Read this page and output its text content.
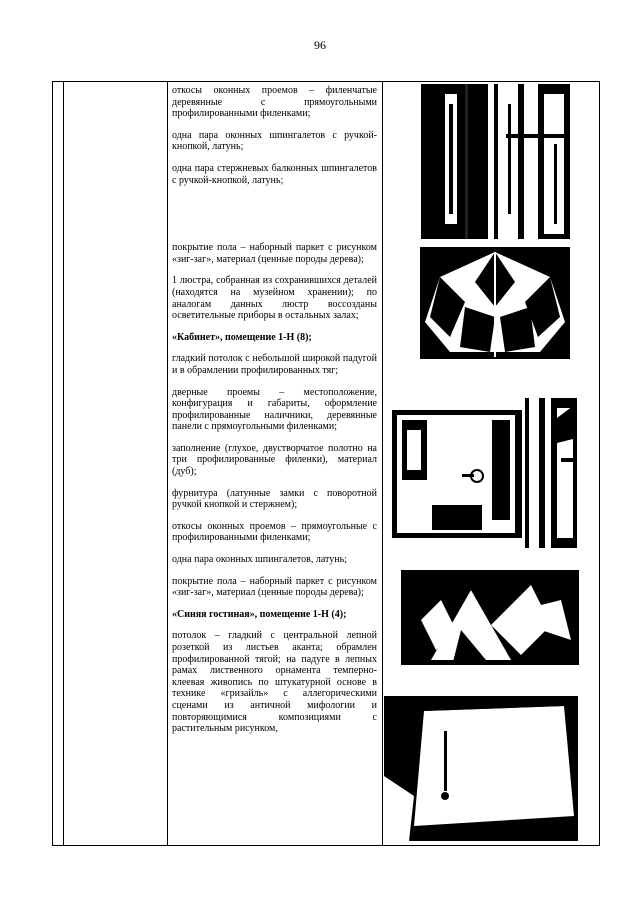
96

откосы оконных проемов – филенчатые деревянные с прямоугольными профилированными филенками;

одна пара оконных шпингалетов с ручкой-кнопкой, латунь;

одна пара стержневых балконных шпингалетов с ручкой-кнопкой, латунь;

покрытие пола – наборный паркет с рисунком «зиг-заг», материал (ценные породы дерева);

1 люстра, собранная из сохранившихся деталей (находятся на музейном хранении); по аналогам данных люстр воссозданы осветительные приборы в остальных залах;

«Кабинет», помещение 1-Н (8);

гладкий потолок с небольшой широкой падугой и в обрамлении профилированных тяг;

дверные проемы – местоположение, конфигурация и габариты, оформление профилированные наличники, деревянные панели с прямоугольными филенками;

заполнение (глухое, двустворчатое полотно на три профилированные филенки), материал (дуб);

фурнитура (латунные замки с поворотной ручкой кнопкой и стержнем);

откосы оконных проемов – прямоугольные с профилированными филенками;

одна пара оконных шпингалетов, латунь;

покрытие пола – наборный паркет с рисунком «зиг-заг», материал (ценные породы дерева);

«Синяя гостиная», помещение 1-Н (4);

потолок – гладкий с центральной лепной розеткой из листьев аканта; обрамлен профилированной тягой; на падуге в лепных рамах лиственного орнамента темперно-клеевая живопись по штукатурной основе в технике «гризайль» с аллегорическими сценами из античной мифологии и повторяющимися композициями с растительным рисунком,
